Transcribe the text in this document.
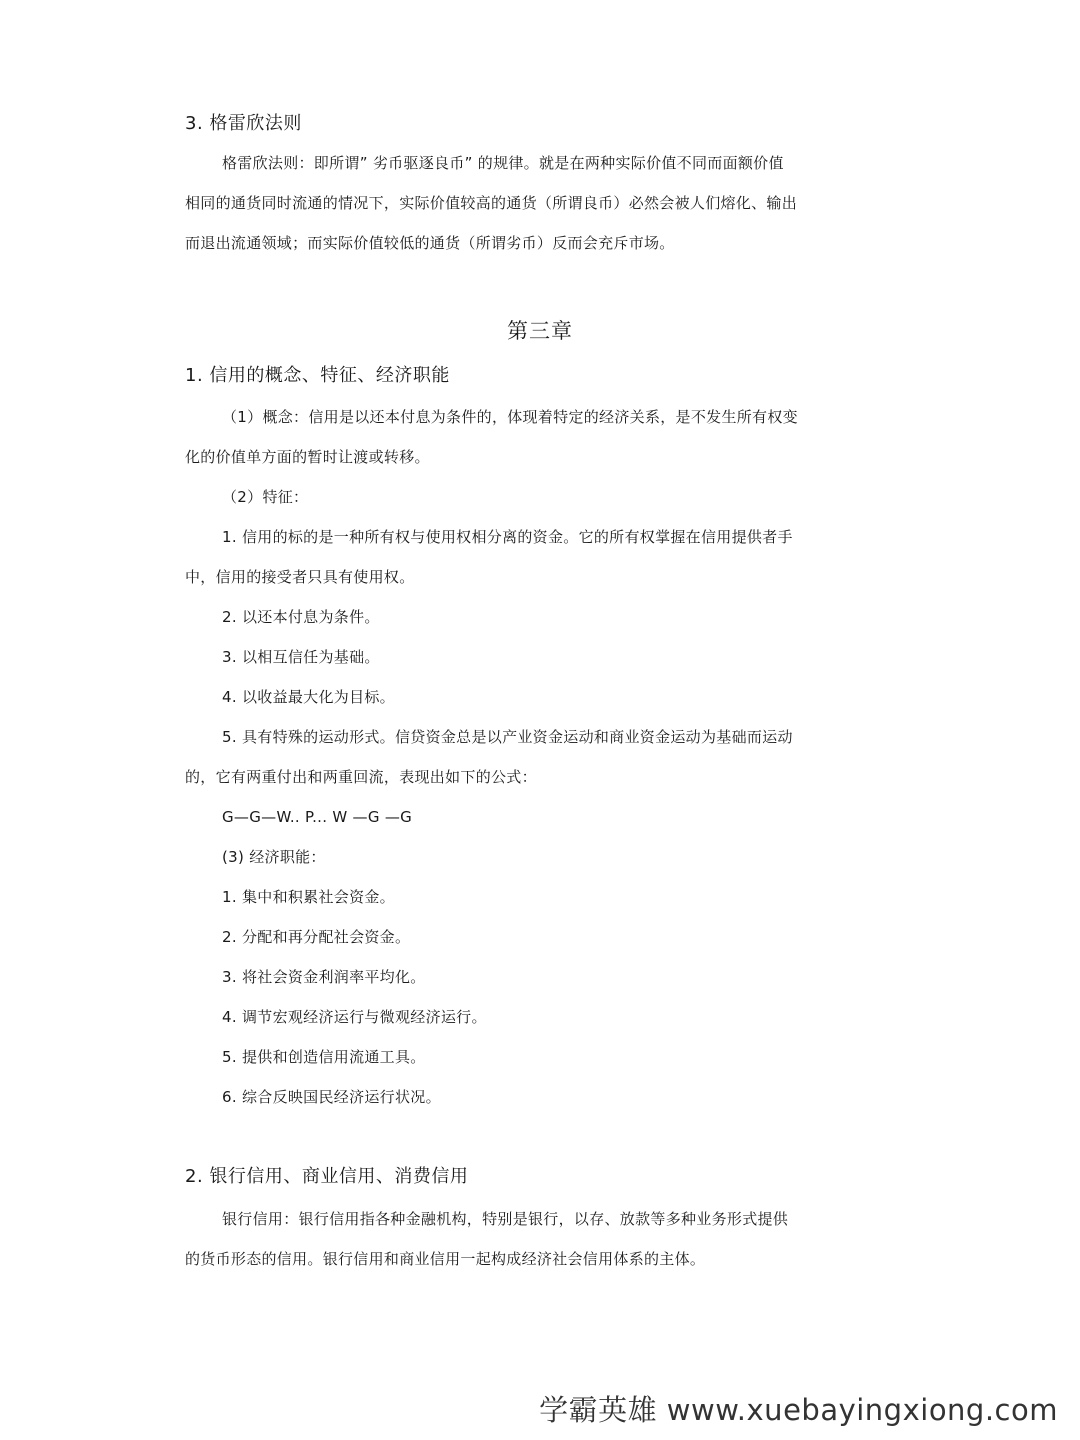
3. 格雷欣法则
格雷欣法则：即所谓” 劣币驱逐良币” 的规律。就是在两种实际价值不同而面额价值
相同的通货同时流通的情况下，实际价值较高的通货（所谓良币）必然会被人们熔化、输出
而退出流通领域；而实际价值较低的通货（所谓劣币）反而会充斥市场。
第三章
1. 信用的概念、特征、经济职能
（1）概念：信用是以还本付息为条件的，体现着特定的经济关系，是不发生所有权变
化的价值单方面的暂时让渡或转移。
（2）特征：
1. 信用的标的是一种所有权与使用权相分离的资金。它的所有权掌握在信用提供者手
中，信用的接受者只具有使用权。
2. 以还本付息为条件。
3. 以相互信任为基础。
4. 以收益最大化为目标。
5. 具有特殊的运动形式。信贷资金总是以产业资金运动和商业资金运动为基础而运动
的，它有两重付出和两重回流，表现出如下的公式：
G—G—W.. P... W —G —G
(3) 经济职能：
1. 集中和积累社会资金。
2. 分配和再分配社会资金。
3. 将社会资金利润率平均化。
4. 调节宏观经济运行与微观经济运行。
5. 提供和创造信用流通工具。
6. 综合反映国民经济运行状况。
2. 银行信用、商业信用、消费信用
银行信用：银行信用指各种金融机构，特别是银行，以存、放款等多种业务形式提供
的货币形态的信用。银行信用和商业信用一起构成经济社会信用体系的主体。
学霸英雄 www.xuebayingxiong.com
